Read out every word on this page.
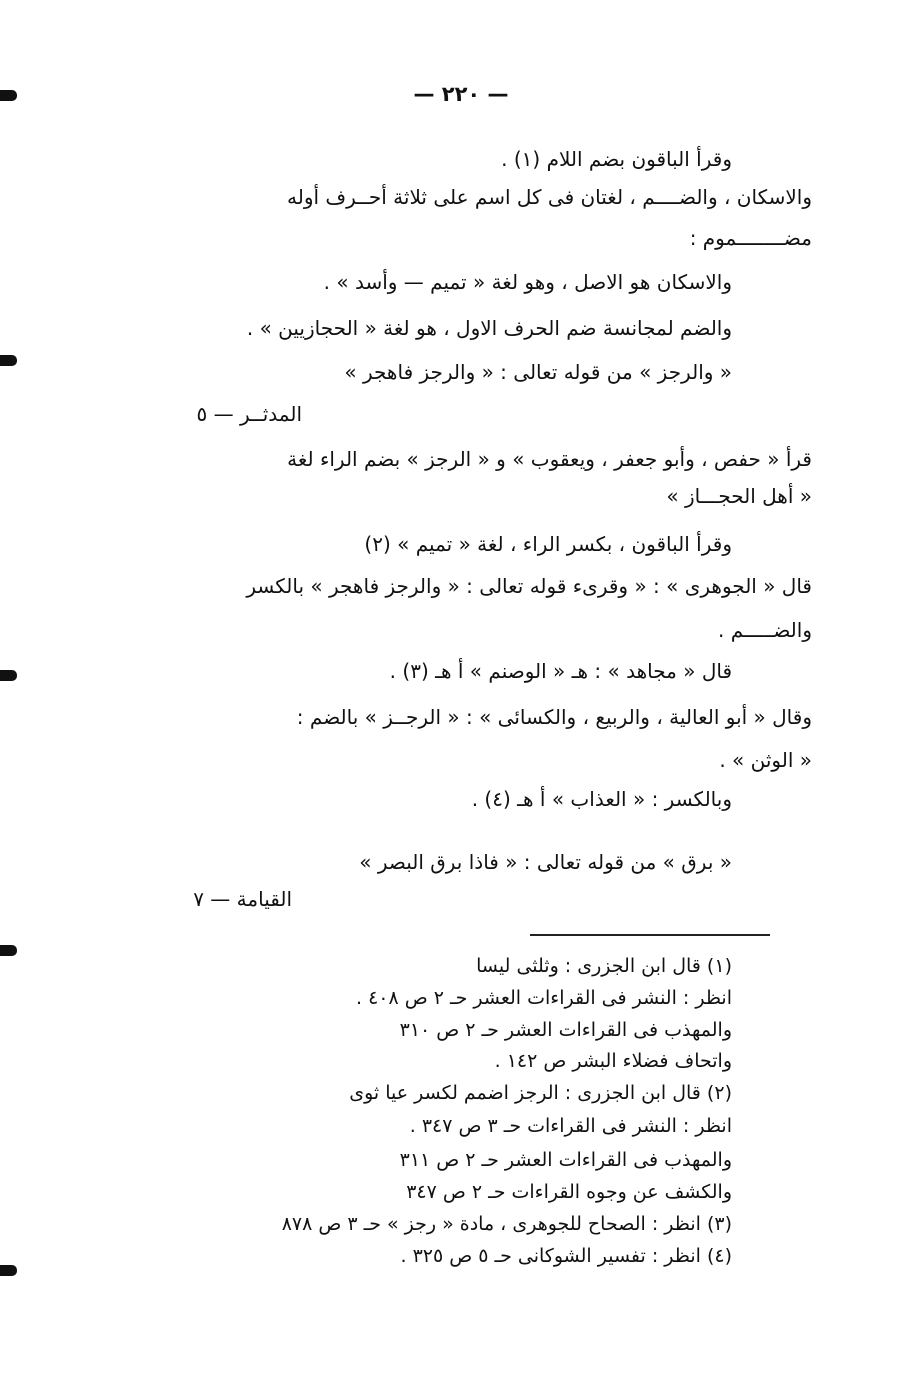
— ٢٢٠ —
وقرأ الباقون بضم اللام (١) .
والاسكان ، والضــــم ، لغتان فى كل اسم على ثلاثة أحــرف أوله
مضــــــــموم :
والاسكان هو الاصل ، وهو لغة « تميم — وأسد » .
والضم لمجانسة ضم الحرف الاول ، هو لغة « الحجازيين » .
« والرجز » من قوله تعالى : « والرجز فاهجر »
المدثــر — ٥
قرأ « حفص ، وأبو جعفر ، ويعقوب » و « الرجز » بضم الراء لغة
« أهل الحجـــاز »
وقرأ الباقون ، بكسر الراء ، لغة « تميم » (٢)
قال « الجوهرى » : « وقرىء قوله تعالى : « والرجز فاهجر » بالكسر
والضـــــم .
قال « مجاهد » : هـ « الوصنم » أ هـ (٣) .
وقال « أبو العالية ، والربيع ، والكسائى » : « الرجــز » بالضم :
« الوثن » .
وبالكسر : « العذاب » أ هـ (٤) .
« برق » من قوله تعالى : « فاذا برق البصر »
القيامة — ٧
(١) قال ابن الجزرى : وثلثى ليسا
انظر : النشر فى القراءات العشر حـ ٢ ص ٤٠٨ .
والمهذب فى القراءات العشر حـ ٢ ص ٣١٠
واتحاف فضلاء البشر ص ١٤٢ .
(٢) قال ابن الجزرى : الرجز اضمم لكسر عيا ثوى
انظر : النشر فى القراءات حـ ٣ ص ٣٤٧ .
والمهذب فى القراءات العشر حـ ٢ ص ٣١١
والكشف عن وجوه القراءات حـ ٢ ص ٣٤٧
(٣) انظر : الصحاح للجوهرى ، مادة « رجز » حـ ٣ ص ٨٧٨
(٤) انظر : تفسير الشوكانى حـ ٥ ص ٣٢٥ .
